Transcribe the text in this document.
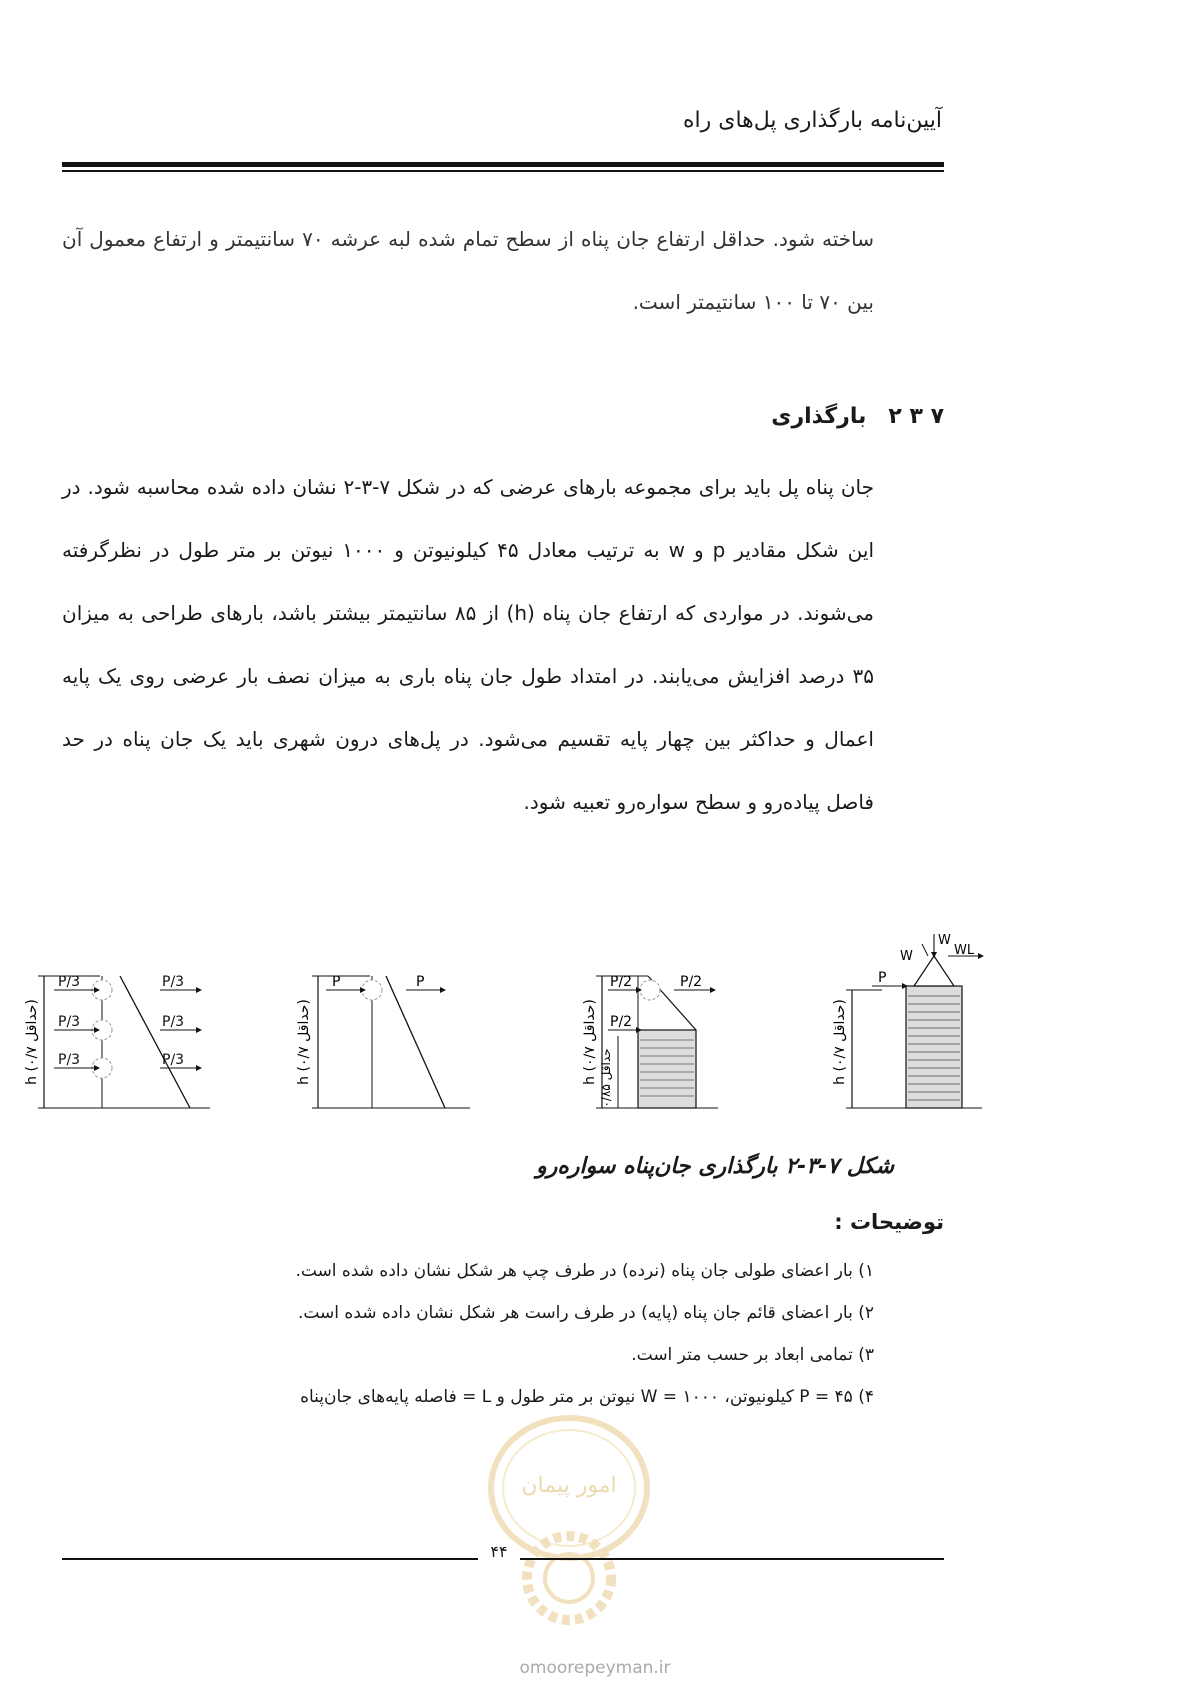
آیین‌نامه بارگذاری پل‌های راه

ساخته شود. حداقل ارتفاع جان پناه از سطح تمام شده لبه عرشه ۷۰ سانتیمتر و ارتفاع معمول آن بین ۷۰ تا ۱۰۰ سانتیمتر است.

۷ ۳ ۲بارگذاری

جان پناه پل باید برای مجموعه بارهای عرضی که در شکل ۷-۳-۲ نشان داده شده محاسبه شود. در این شکل مقادیر p و w به ترتیب معادل ۴۵ کیلونیوتن و ۱۰۰۰ نیوتن بر متر طول در نظرگرفته می‌شوند. در مواردی که ارتفاع جان پناه (h) از ۸۵ سانتیمتر بیشتر باشد، بارهای طراحی به میزان ۳۵ درصد افزایش می‌یابند. در امتداد طول جان پناه باری به میزان نصف بار عرضی روی یک پایه اعمال و حداکثر بین چهار پایه تقسیم می‌شود. در پل‌های درون شهری باید یک جان پناه در حد فاصل پیاده‌رو و سطح سواره‌رو تعبیه شود.

h (حداقل ۰/۷)
P/3
P/3
P/3
P/3
P/3
P/3
h (حداقل ۰/۷)
P	P
h (حداقل ۰/۷)
حداقل ۰/۸۵
P/2
P/2
P/2
h (حداقل ۰/۷)
P
W
W	WL
شکل ۷-۳-۲ بارگذاری جان‌پناه سواره‌رو
توضیحات :
۱) بار اعضای طولی جان پناه (نرده) در طرف چپ هر شکل نشان داده شده است.
۲) بار اعضای قائم جان پناه (پایه) در طرف راست هر شکل نشان داده شده است.
۳) تمامی ابعاد بر حسب متر است.
۴) P = ۴۵ کیلونیوتن، W = ۱۰۰۰ نیوتن بر متر طول و L = فاصله پایه‌های جان‌پناه
امور پیمان
۴۴
omoorepeyman.ir
